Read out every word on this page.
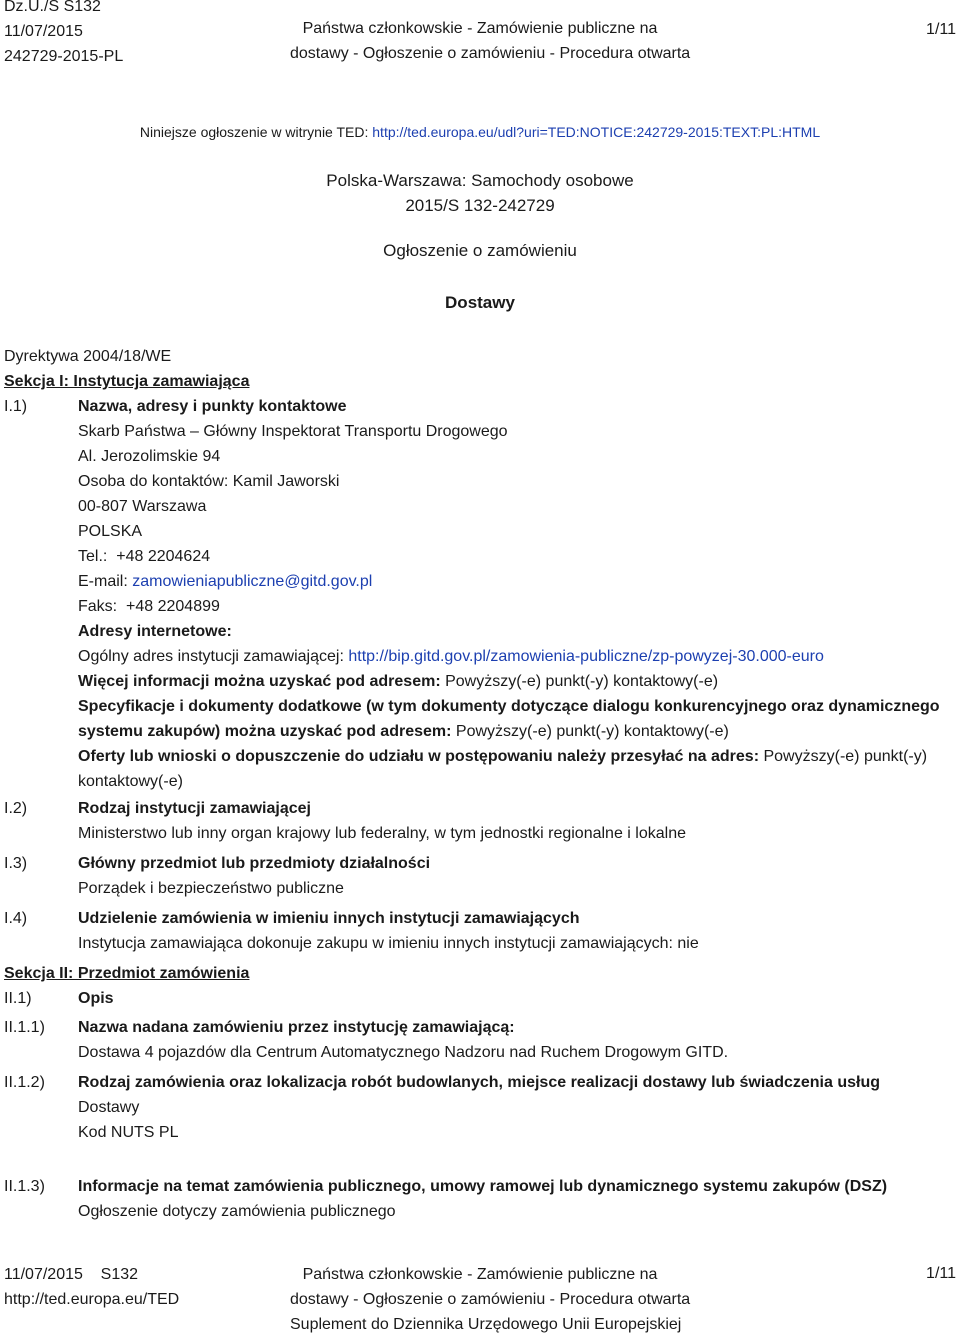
Dz.U./S S132
11/07/2015
242729-2015-PL
Państwa członkowskie - Zamówienie publiczne na
dostawy - Ogłoszenie o zamówieniu - Procedura otwarta
1/11
Niniejsze ogłoszenie w witrynie TED: http://ted.europa.eu/udl?uri=TED:NOTICE:242729-2015:TEXT:PL:HTML
Polska-Warszawa: Samochody osobowe
2015/S 132-242729
Ogłoszenie o zamówieniu
Dostawy
Dyrektywa 2004/18/WE
Sekcja I: Instytucja zamawiająca
I.1)	Nazwa, adresy i punkty kontaktowe
Skarb Państwa – Główny Inspektorat Transportu Drogowego
Al. Jerozolimskie 94
Osoba do kontaktów: Kamil Jaworski
00-807 Warszawa
POLSKA
Tel.: +48 2204624
E-mail: zamowieniapubliczne@gitd.gov.pl
Faks: +48 2204899
Adresy internetowe:
Ogólny adres instytucji zamawiającej: http://bip.gitd.gov.pl/zamowienia-publiczne/zp-powyzej-30.000-euro
Więcej informacji można uzyskać pod adresem: Powyższy(-e) punkt(-y) kontaktowy(-e)
Specyfikacje i dokumenty dodatkowe (w tym dokumenty dotyczące dialogu konkurencyjnego oraz dynamicznego systemu zakupów) można uzyskać pod adresem: Powyższy(-e) punkt(-y) kontaktowy(-e)
Oferty lub wnioski o dopuszczenie do udziału w postępowaniu należy przesyłać na adres: Powyższy(-e) punkt(-y) kontaktowy(-e)
I.2)	Rodzaj instytucji zamawiającej
Ministerstwo lub inny organ krajowy lub federalny, w tym jednostki regionalne i lokalne
I.3)	Główny przedmiot lub przedmioty działalności
Porządek i bezpieczeństwo publiczne
I.4)	Udzielenie zamówienia w imieniu innych instytucji zamawiających
Instytucja zamawiająca dokonuje zakupu w imieniu innych instytucji zamawiających: nie
Sekcja II: Przedmiot zamówienia
II.1)	Opis
II.1.1) Nazwa nadana zamówieniu przez instytucję zamawiającą:
Dostawa 4 pojazdów dla Centrum Automatycznego Nadzoru nad Ruchem Drogowym GITD.
II.1.2) Rodzaj zamówienia oraz lokalizacja robót budowlanych, miejsce realizacji dostawy lub świadczenia usług
Dostawy
Kod NUTS PL
II.1.3) Informacje na temat zamówienia publicznego, umowy ramowej lub dynamicznego systemu zakupów (DSZ)
Ogłoszenie dotyczy zamówienia publicznego
11/07/2015 S132
http://ted.europa.eu/TED
Państwa członkowskie - Zamówienie publiczne na
dostawy - Ogłoszenie o zamówieniu - Procedura otwarta
Suplement do Dziennika Urzędowego Unii Europejskiej
1/11
